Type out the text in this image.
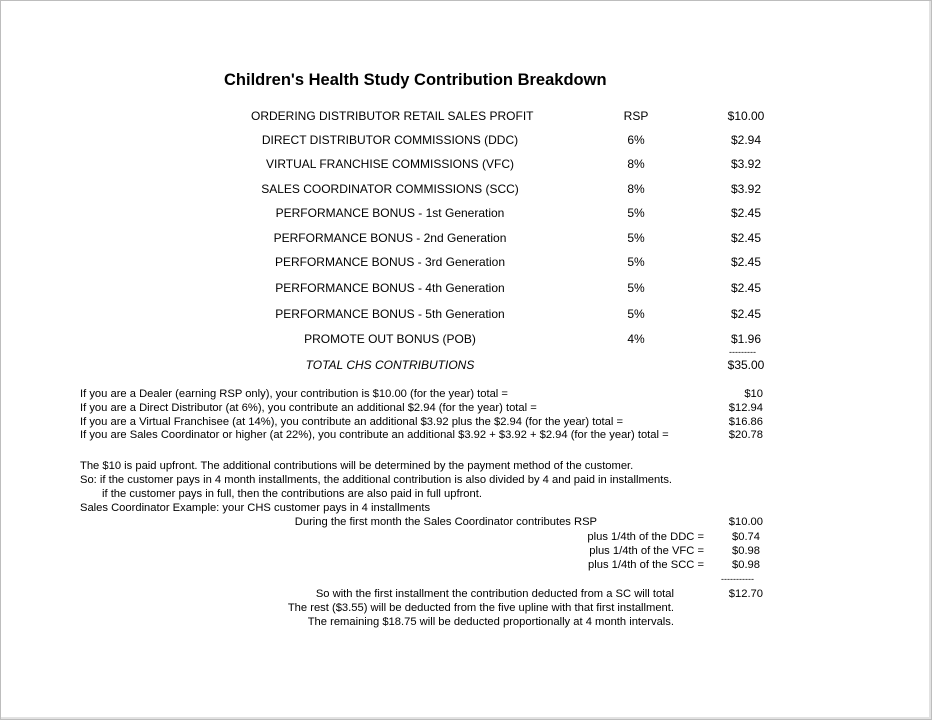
Children's Health Study Contribution Breakdown
ORDERING DISTRIBUTOR RETAIL SALES PROFIT	RSP	$10.00
DIRECT DISTRIBUTOR COMMISSIONS (DDC)	6%	$2.94
VIRTUAL FRANCHISE COMMISSIONS (VFC)	8%	$3.92
SALES COORDINATOR COMMISSIONS (SCC)	8%	$3.92
PERFORMANCE BONUS - 1st Generation	5%	$2.45
PERFORMANCE BONUS - 2nd Generation	5%	$2.45
PERFORMANCE BONUS - 3rd Generation	5%	$2.45
PERFORMANCE BONUS - 4th Generation	5%	$2.45
PERFORMANCE BONUS - 5th Generation	5%	$2.45
PROMOTE OUT BONUS (POB)	4%	$1.96
---------
TOTAL CHS CONTRIBUTIONS	$35.00
If you are a Dealer (earning RSP only), your contribution is $10.00 (for the year) total =	$10
If you are a Direct Distributor (at 6%), you contribute an additional $2.94 (for the year) total =	$12.94
If you are a Virtual Franchisee (at 14%), you contribute an additional $3.92 plus the $2.94 (for the year) total =	$16.86
If you are Sales Coordinator or higher (at 22%), you contribute an additional $3.92 + $3.92 + $2.94 (for the year) total =	$20.78
The $10 is paid upfront. The additional contributions will be determined by the payment method of the customer.
So: if the customer pays in 4 month installments, the additional contribution is also divided by 4 and paid in installments.
if the customer pays in full, then the contributions are also paid in full upfront.
Sales Coordinator Example: your CHS customer pays in 4 installments
During the first month the Sales Coordinator contributes RSP	$10.00
plus 1/4th of the DDC =	$0.74
plus 1/4th of the VFC =	$0.98
plus 1/4th of the SCC =	$0.98
-----------
So with the first installment the contribution deducted from a SC will total	$12.70
The rest ($3.55) will be deducted from the five upline with that first installment.
The remaining $18.75 will be deducted proportionally at 4 month intervals.
